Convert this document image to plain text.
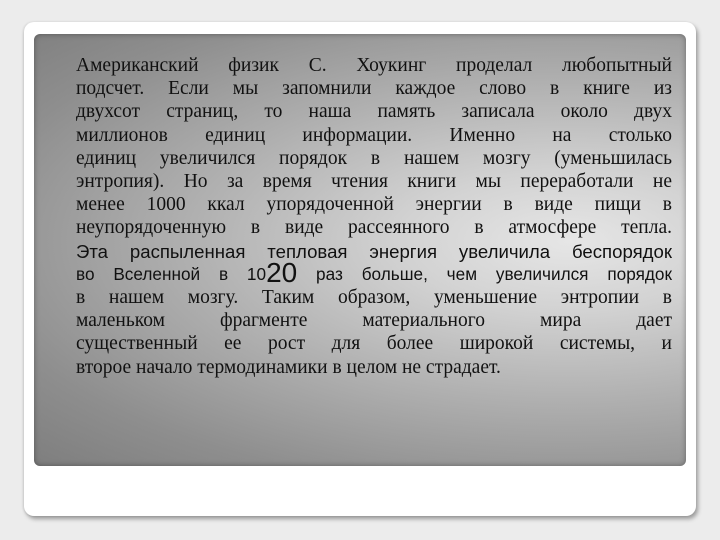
Американский физик С. Хоукинг проделал любопытный
подсчет. Если мы запомнили каждое слово в книге из
двухсот страниц, то наша память записала около двух
миллионов единиц информации. Именно на столько
единиц увеличился порядок в нашем мозгу (уменьшилась
энтропия). Но за время чтения книги мы переработали не
менее 1000 ккал упорядоченной энергии в виде пищи в
неупорядоченную в виде рассеянного в атмосфере тепла.
Эта распыленная тепловая энергия увеличила беспорядок
во Вселенной в 1020 раз больше, чем увеличился порядок
в нашем мозгу. Таким образом, уменьшение энтропии в
маленьком фрагменте материального мира дает
существенный ее рост для более широкой системы, и
второе начало термодинамики в целом не страдает.
